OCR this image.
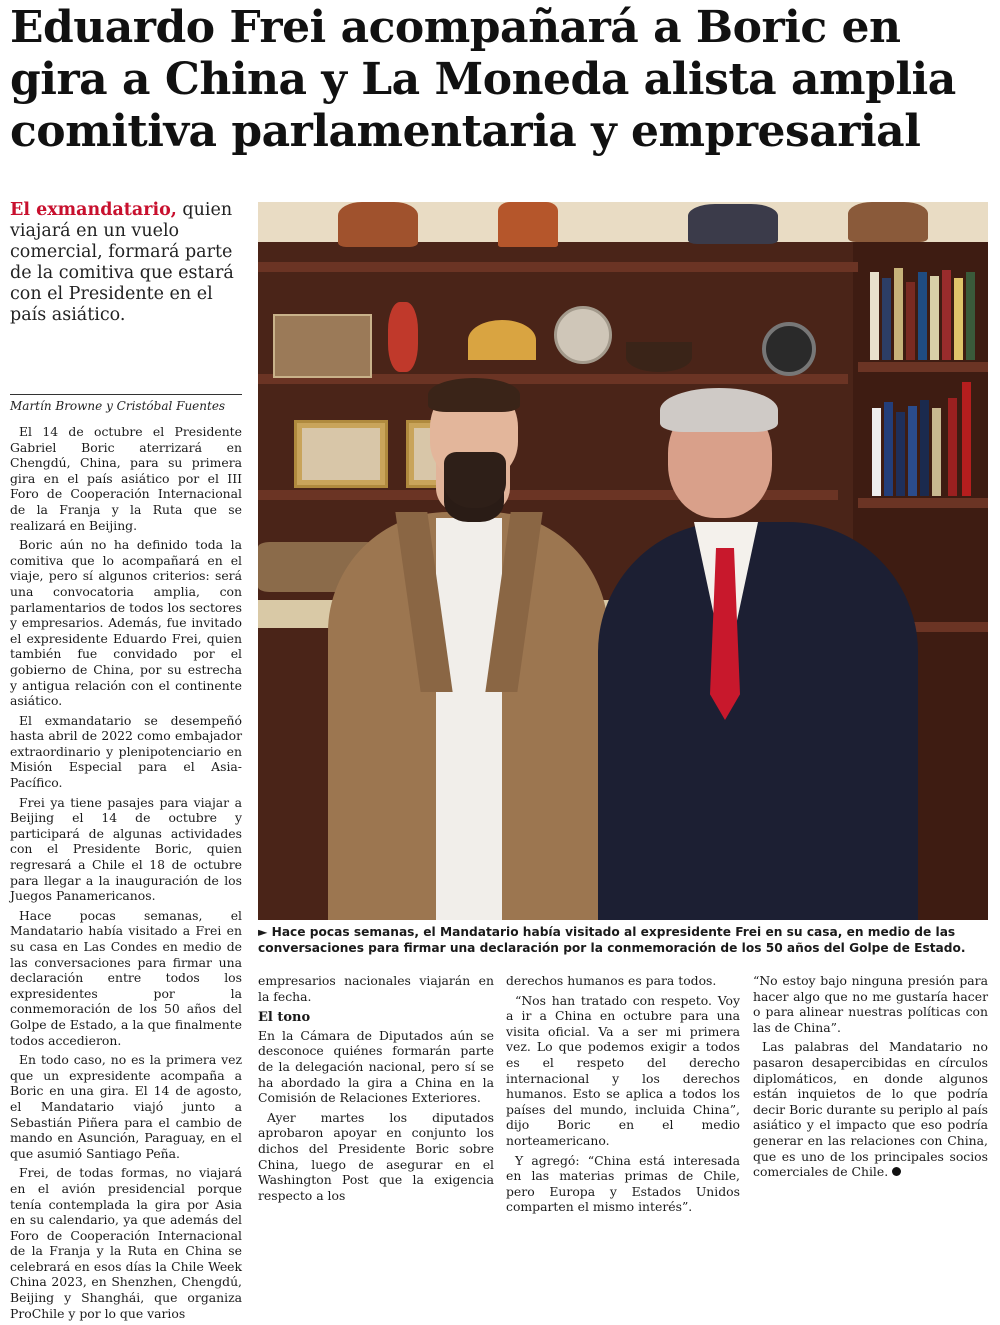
Eduardo Frei acompañará a Boric en gira a China y La Moneda alista amplia comitiva parlamentaria y empresarial
El exmandatario, quien viajará en un vuelo comercial, formará parte de la comitiva que estará con el Presidente en el país asiático.
Martín Browne y Cristóbal Fuentes

El 14 de octubre el Presidente Gabriel Boric aterrizará en Chengdú, China, para su primera gira en el país asiático por el III Foro de Cooperación Internacional de la Franja y la Ruta que se realizará en Beijing.

Boric aún no ha definido toda la comitiva que lo acompañará en el viaje, pero sí algunos criterios: será una convocatoria amplia, con parlamentarios de todos los sectores y empresarios. Además, fue invitado el expresidente Eduardo Frei, quien también fue convidado por el gobierno de China, por su estrecha y antigua relación con el continente asiático.

El exmandatario se desempeñó hasta abril de 2022 como embajador extraordinario y plenipotenciario en Misión Especial para el Asia-Pacífico.

Frei ya tiene pasajes para viajar a Beijing el 14 de octubre y participará de algunas actividades con el Presidente Boric, quien regresará a Chile el 18 de octubre para llegar a la inauguración de los Juegos Panamericanos.

Hace pocas semanas, el Mandatario había visitado a Frei en su casa en Las Condes en medio de las conversaciones para firmar una declaración entre todos los expresidentes por la conmemoración de los 50 años del Golpe de Estado, a la que finalmente todos accedieron.

En todo caso, no es la primera vez que un expresidente acompaña a Boric en una gira. El 14 de agosto, el Mandatario viajó junto a Sebastián Piñera para el cambio de mando en Asunción, Paraguay, en el que asumió Santiago Peña.

Frei, de todas formas, no viajará en el avión presidencial porque tenía contemplada la gira por Asia en su calendario, ya que además del Foro de Cooperación Internacional de la Franja y la Ruta en China se celebrará en esos días la Chile Week China 2023, en Shenzhen, Chengdú, Beijing y Shanghái, que organiza ProChile y por lo que varios

► Hace pocas semanas, el Mandatario había visitado al expresidente Frei en su casa, en medio de las conversaciones para firmar una declaración por la conmemoración de los 50 años del Golpe de Estado.

empresarios nacionales viajarán en la fecha.

El tono

En la Cámara de Diputados aún se desconoce quiénes formarán parte de la delegación nacional, pero sí se ha abordado la gira a China en la Comisión de Relaciones Exteriores.

Ayer martes los diputados aprobaron apoyar en conjunto los dichos del Presidente Boric sobre China, luego de asegurar en el Washington Post que la exigencia respecto a los

derechos humanos es para todos.

“Nos han tratado con respeto. Voy a ir a China en octubre para una visita oficial. Va a ser mi primera vez. Lo que podemos exigir a todos es el respeto del derecho internacional y los derechos humanos. Esto se aplica a todos los países del mundo, incluida China”, dijo Boric en el medio norteamericano.

Y agregó: “China está interesada en las materias primas de Chile, pero Europa y Estados Unidos comparten el mismo interés”.

“No estoy bajo ninguna presión para hacer algo que no me gustaría hacer o para alinear nuestras políticas con las de China”.

Las palabras del Mandatario no pasaron desapercibidas en círculos diplomáticos, en donde algunos están inquietos de lo que podría decir Boric durante su periplo al país asiático y el impacto que eso podría generar en las relaciones con China, que es uno de los principales socios comerciales de Chile.
